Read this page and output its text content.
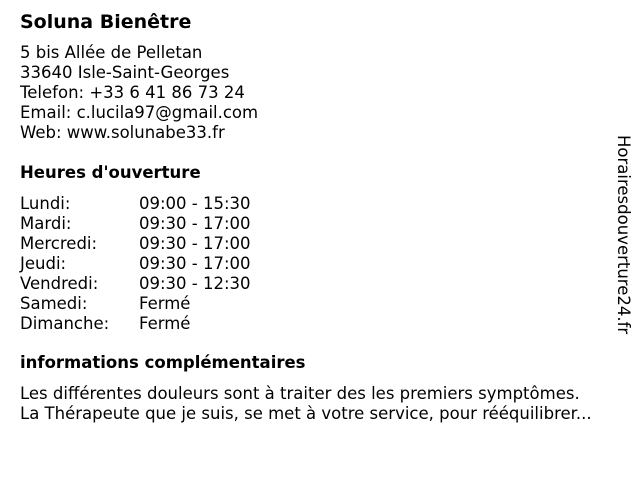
Soluna Bienêtre
5 bis Allée de Pelletan
33640 Isle-Saint-Georges
Telefon: +33 6 41 86 73 24
Email: c.lucila97@gmail.com
Web: www.solunabe33.fr
Heures d'ouverture
Lundi:	09:00 - 15:30
Mardi:	09:30 - 17:00
Mercredi:	09:30 - 17:00
Jeudi:	09:30 - 17:00
Vendredi: 09:30 - 12:30
Samedi:	Fermé
Dimanche: Fermé
informations complémentaires
Les différentes douleurs sont à traiter des les premiers symptômes.
La Thérapeute que je suis, se met à votre service, pour rééquilibrer...
Horairesdouverture24.fr
